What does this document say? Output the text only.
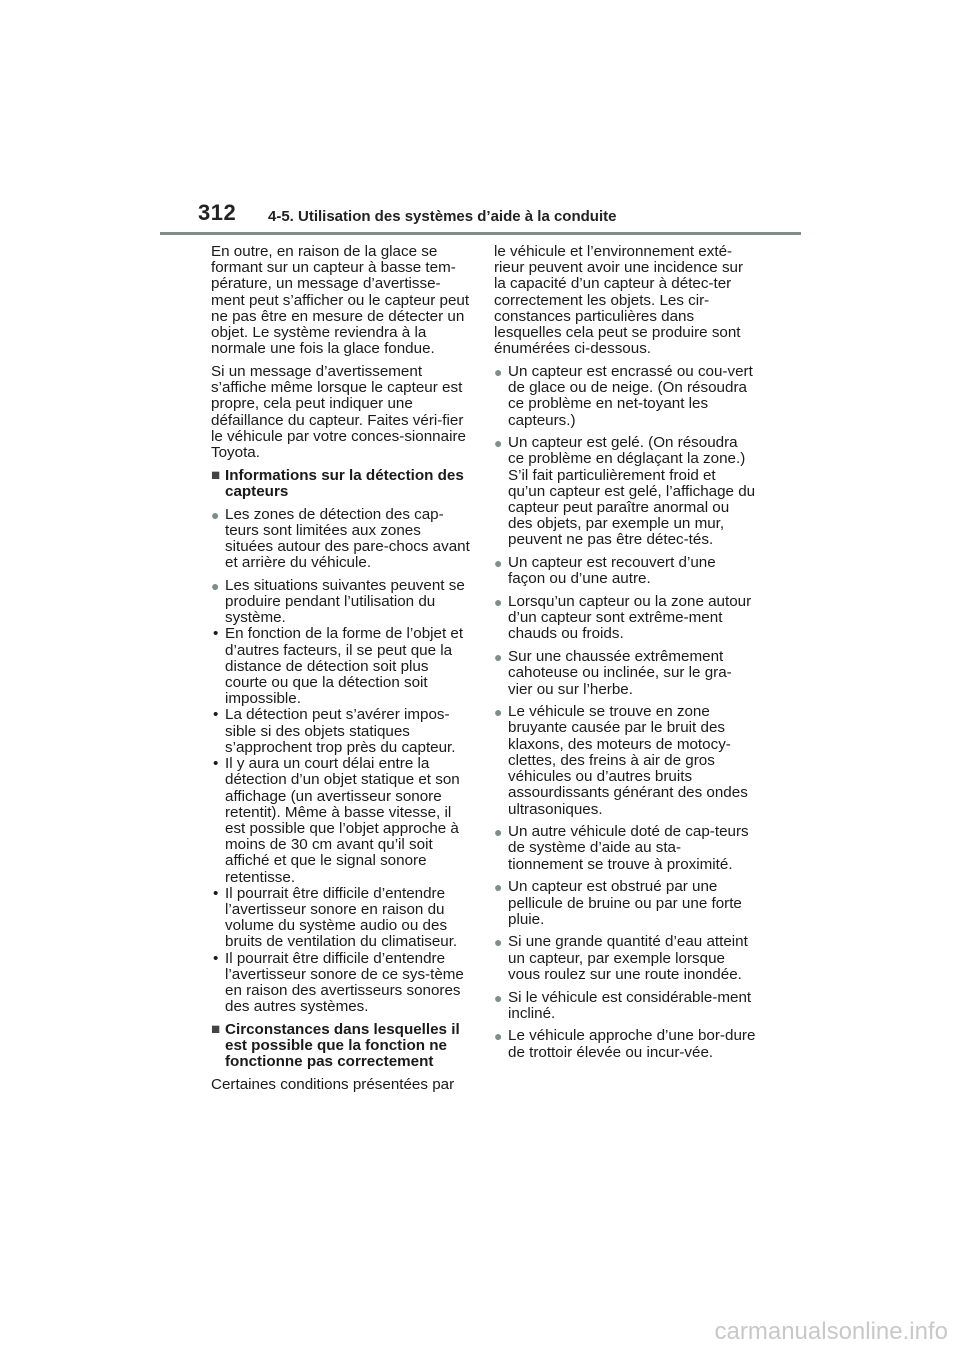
312 4-5. Utilisation des systèmes d’aide à la conduite

En outre, en raison de la glace se formant sur un capteur à basse tem-pérature, un message d’avertisse-ment peut s’afficher ou le capteur peut ne pas être en mesure de détecter un objet. Le système reviendra à la normale une fois la glace fondue.

Si un message d’avertissement s’affiche même lorsque le capteur est propre, cela peut indiquer une défaillance du capteur. Faites véri-fier le véhicule par votre conces-sionnaire Toyota.

■ Informations sur la détection des capteurs
● Les zones de détection des cap-teurs sont limitées aux zones situées autour des pare-chocs avant et arrière du véhicule.
● Les situations suivantes peuvent se produire pendant l’utilisation du système.
• En fonction de la forme de l’objet et d’autres facteurs, il se peut que la distance de détection soit plus courte ou que la détection soit impossible.
• La détection peut s’avérer impos-sible si des objets statiques s’approchent trop près du capteur.
• Il y aura un court délai entre la détection d’un objet statique et son affichage (un avertisseur sonore retentit). Même à basse vitesse, il est possible que l’objet approche à moins de 30 cm avant qu’il soit affiché et que le signal sonore retentisse.
• Il pourrait être difficile d’entendre l’avertisseur sonore en raison du volume du système audio ou des bruits de ventilation du climatiseur.
• Il pourrait être difficile d’entendre l’avertisseur sonore de ce sys-tème en raison des avertisseurs sonores des autres systèmes.
■ Circonstances dans lesquelles il est possible que la fonction ne fonctionne pas correctement

Certaines conditions présentées par

le véhicule et l’environnement exté-rieur peuvent avoir une incidence sur la capacité d’un capteur à détec-ter correctement les objets. Les cir-constances particulières dans lesquelles cela peut se produire sont énumérées ci-dessous.

● Un capteur est encrassé ou cou-vert de glace ou de neige. (On résoudra ce problème en net-toyant les capteurs.)
● Un capteur est gelé. (On résoudra ce problème en déglaçant la zone.)
S’il fait particulièrement froid et qu’un capteur est gelé, l’affichage du capteur peut paraître anormal ou des objets, par exemple un mur, peuvent ne pas être détec-tés.
● Un capteur est recouvert d’une façon ou d’une autre.
● Lorsqu’un capteur ou la zone autour d’un capteur sont extrême-ment chauds ou froids.
● Sur une chaussée extrêmement cahoteuse ou inclinée, sur le gra-vier ou sur l’herbe.
● Le véhicule se trouve en zone bruyante causée par le bruit des klaxons, des moteurs de motocy-clettes, des freins à air de gros véhicules ou d’autres bruits assourdissants générant des ondes ultrasoniques.
● Un autre véhicule doté de cap-teurs de système d’aide au sta-tionnement se trouve à proximité.
● Un capteur est obstrué par une pellicule de bruine ou par une forte pluie.
● Si une grande quantité d’eau atteint un capteur, par exemple lorsque vous roulez sur une route inondée.
● Si le véhicule est considérable-ment incliné.
● Le véhicule approche d’une bor-dure de trottoir élevée ou incur-vée.
carmanualsonline.info
